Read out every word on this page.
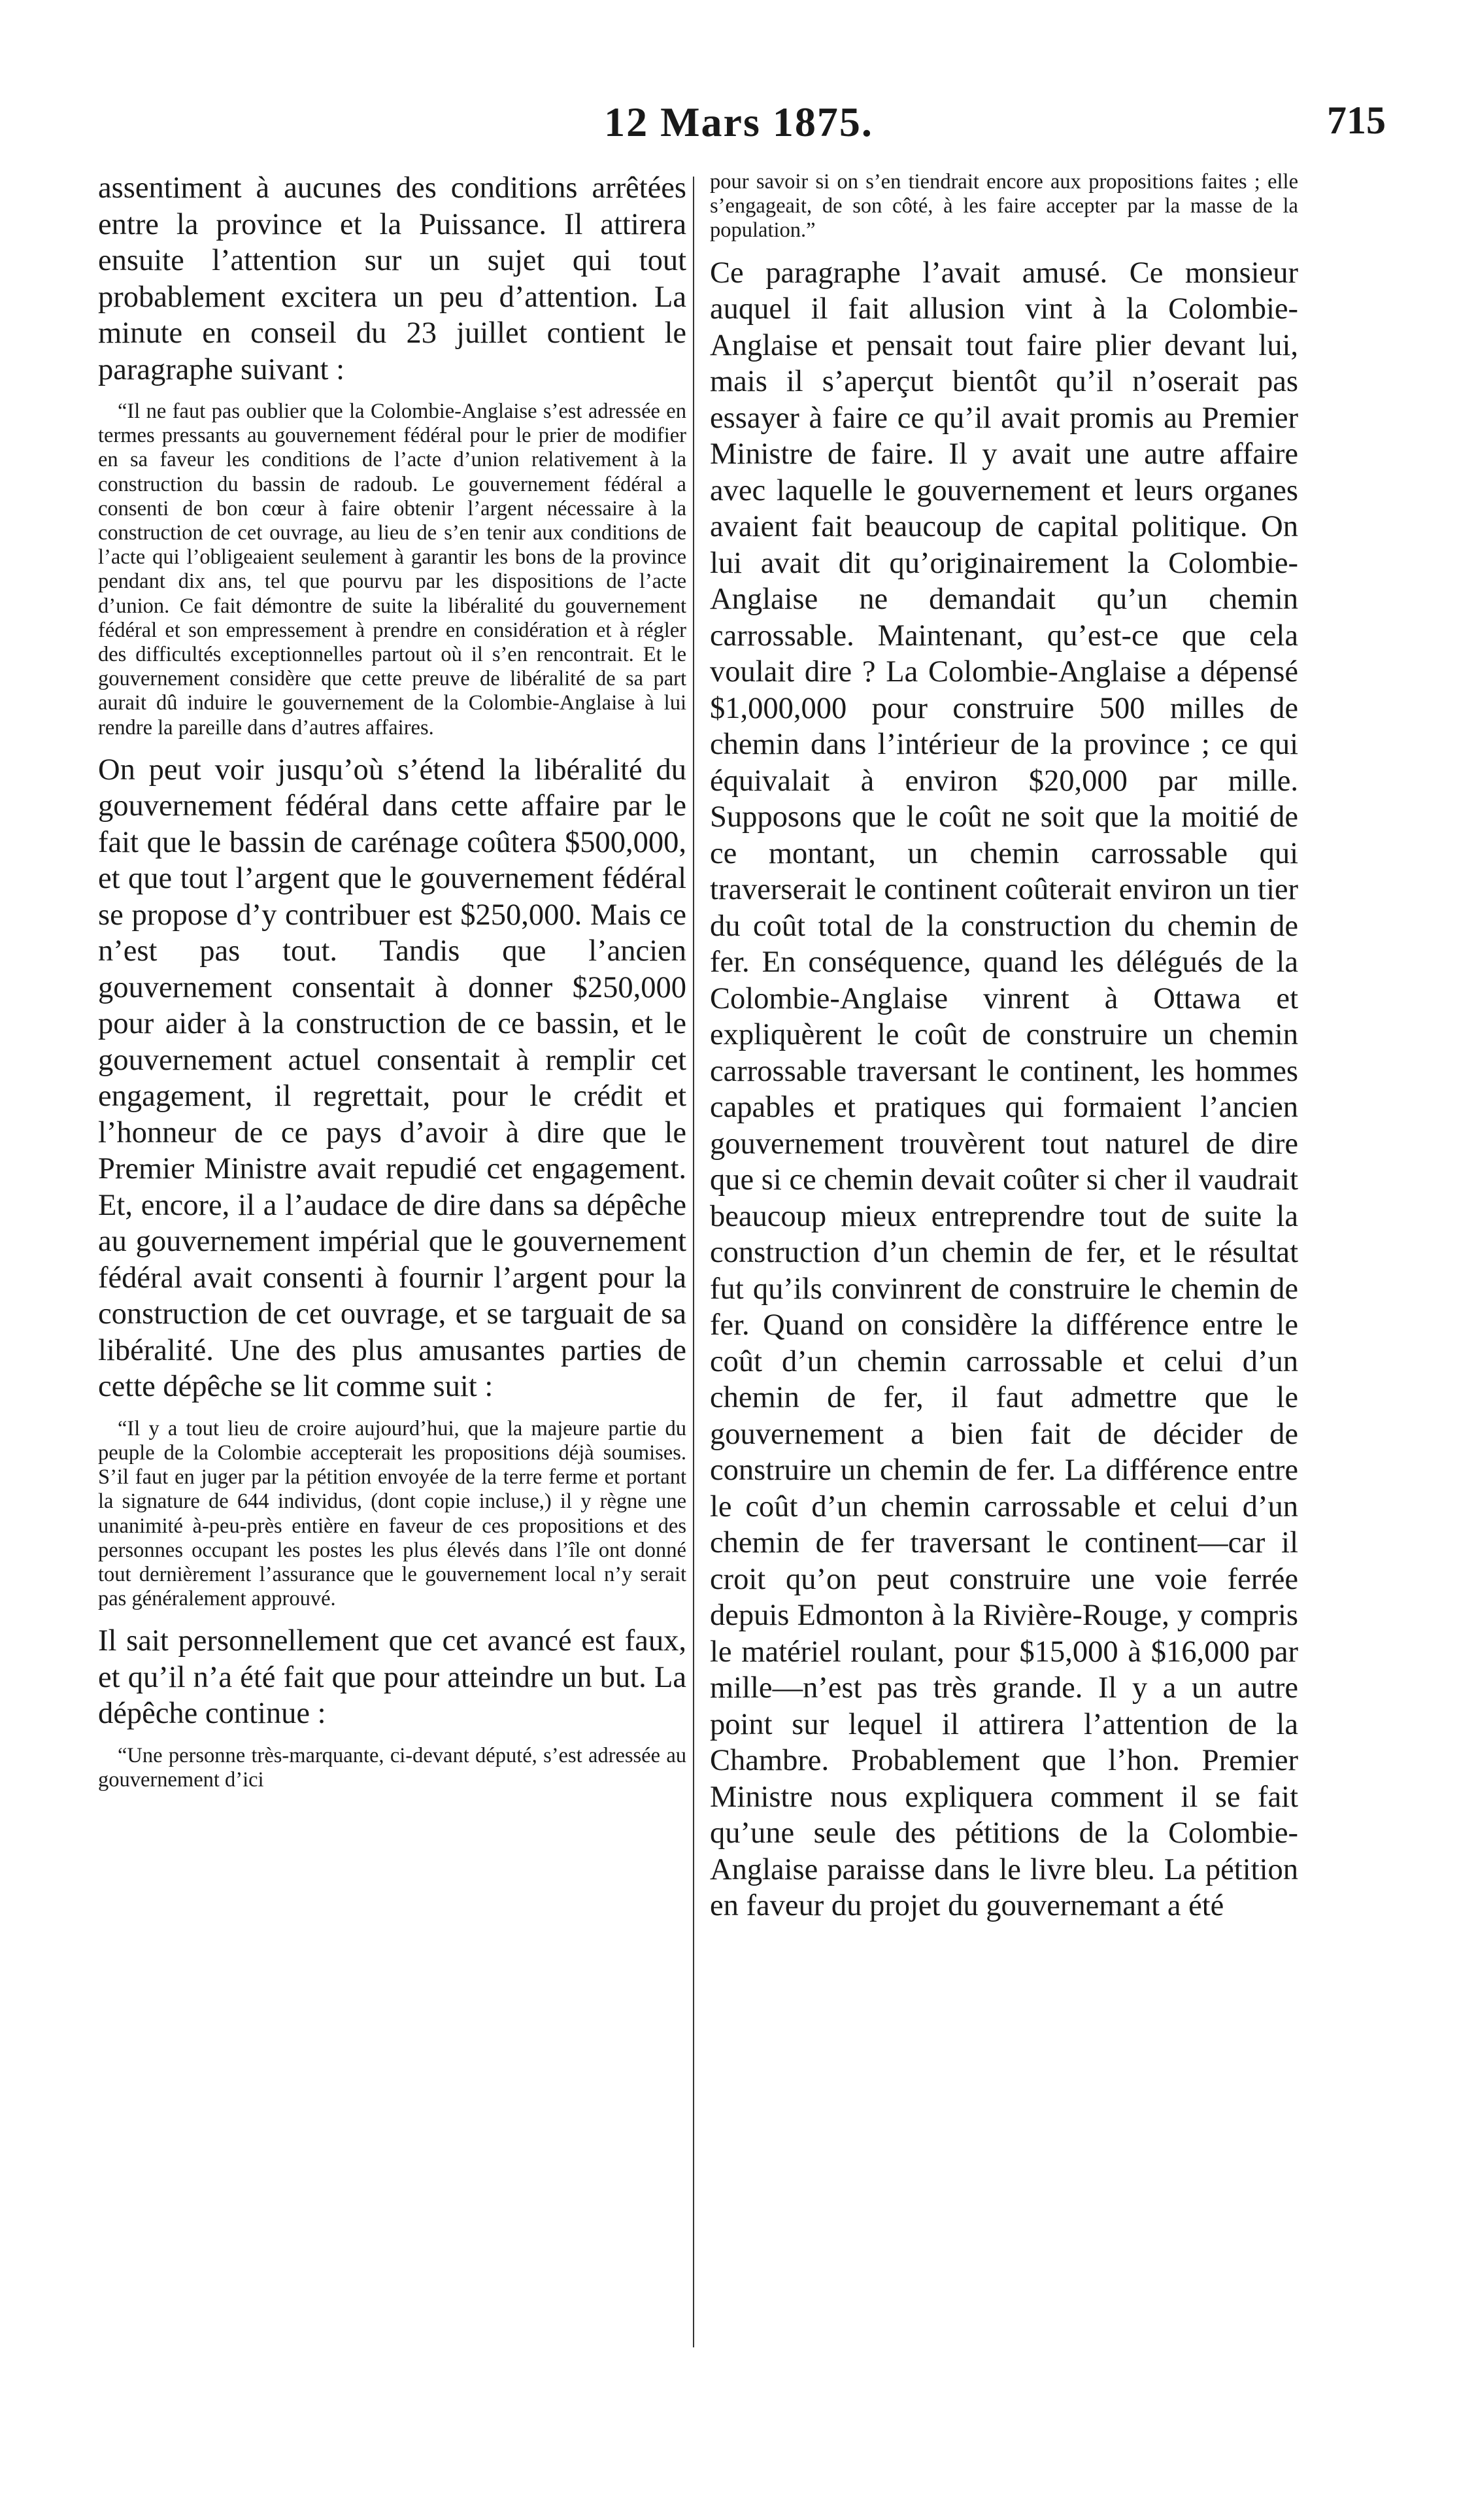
12 Mars 1875.	715

assentiment à aucunes des conditions arrêtées entre la province et la Puissance. Il attirera ensuite l’attention sur un sujet qui tout probablement excitera un peu d’attention. La minute en conseil du 23 juillet contient le paragraphe suivant :

“Il ne faut pas oublier que la Colombie-Anglaise s’est adressée en termes pressants au gouvernement fédéral pour le prier de modifier en sa faveur les conditions de l’acte d’union relativement à la construction du bassin de radoub. Le gouvernement fédéral a consenti de bon cœur à faire obtenir l’argent nécessaire à la construction de cet ouvrage, au lieu de s’en tenir aux conditions de l’acte qui l’obligeaient seulement à garantir les bons de la province pendant dix ans, tel que pourvu par les dispositions de l’acte d’union. Ce fait démontre de suite la libéralité du gouvernement fédéral et son empressement à prendre en considération et à régler des difficultés exceptionnelles partout où il s’en rencontrait. Et le gouvernement considère que cette preuve de libéralité de sa part aurait dû induire le gouvernement de la Colombie-Anglaise à lui rendre la pareille dans d’autres affaires.

On peut voir jusqu’où s’étend la libéralité du gouvernement fédéral dans cette affaire par le fait que le bassin de carénage coûtera $500,000, et que tout l’argent que le gouvernement fédéral se propose d’y contribuer est $250,000. Mais ce n’est pas tout. Tandis que l’ancien gouvernement consentait à donner $250,000 pour aider à la construction de ce bassin, et le gouvernement actuel consentait à remplir cet engagement, il regrettait, pour le crédit et l’honneur de ce pays d’avoir à dire que le Premier Ministre avait repudié cet engagement. Et, encore, il a l’audace de dire dans sa dépêche au gouvernement impérial que le gouvernement fédéral avait consenti à fournir l’argent pour la construction de cet ouvrage, et se targuait de sa libéralité. Une des plus amusantes parties de cette dépêche se lit comme suit :

“Il y a tout lieu de croire aujourd’hui, que la majeure partie du peuple de la Colombie accepterait les propositions déjà soumises. S’il faut en juger par la pétition envoyée de la terre ferme et portant la signature de 644 individus, (dont copie incluse,) il y règne une unanimité à-peu-près entière en faveur de ces propositions et des personnes occupant les postes les plus élevés dans l’île ont donné tout dernièrement l’assurance que le gouvernement local n’y serait pas généralement approuvé.

Il sait personnellement que cet avancé est faux, et qu’il n’a été fait que pour atteindre un but. La dépêche continue :

“Une personne très-marquante, ci-devant député, s’est adressée au gouvernement d’ici

pour savoir si on s’en tiendrait encore aux propositions faites ; elle s’engageait, de son côté, à les faire accepter par la masse de la population.”

Ce paragraphe l’avait amusé. Ce monsieur auquel il fait allusion vint à la Colombie-Anglaise et pensait tout faire plier devant lui, mais il s’aperçut bientôt qu’il n’oserait pas essayer à faire ce qu’il avait promis au Premier Ministre de faire. Il y avait une autre affaire avec laquelle le gouvernement et leurs organes avaient fait beaucoup de capital politique. On lui avait dit qu’originairement la Colombie-Anglaise ne demandait qu’un chemin carrossable. Maintenant, qu’est-ce que cela voulait dire ? La Colombie-Anglaise a dépensé $1,000,000 pour construire 500 milles de chemin dans l’intérieur de la province ; ce qui équivalait à environ $20,000 par mille. Supposons que le coût ne soit que la moitié de ce montant, un chemin carrossable qui traverserait le continent coûterait environ un tier du coût total de la construction du chemin de fer. En conséquence, quand les délégués de la Colombie-Anglaise vinrent à Ottawa et expliquèrent le coût de construire un chemin carrossable traversant le continent, les hommes capables et pratiques qui formaient l’ancien gouvernement trouvèrent tout naturel de dire que si ce chemin devait coûter si cher il vaudrait beaucoup mieux entreprendre tout de suite la construction d’un chemin de fer, et le résultat fut qu’ils convinrent de construire le chemin de fer. Quand on considère la différence entre le coût d’un chemin carrossable et celui d’un chemin de fer, il faut admettre que le gouvernement a bien fait de décider de construire un chemin de fer. La différence entre le coût d’un chemin carrossable et celui d’un chemin de fer traversant le continent—car il croit qu’on peut construire une voie ferrée depuis Edmonton à la Rivière-Rouge, y compris le matériel roulant, pour $15,000 à $16,000 par mille—n’est pas très grande. Il y a un autre point sur lequel il attirera l’attention de la Chambre. Probablement que l’hon. Premier Ministre nous expliquera comment il se fait qu’une seule des pétitions de la Colombie-Anglaise paraisse dans le livre bleu. La pétition en faveur du projet du gouvernemant a été
